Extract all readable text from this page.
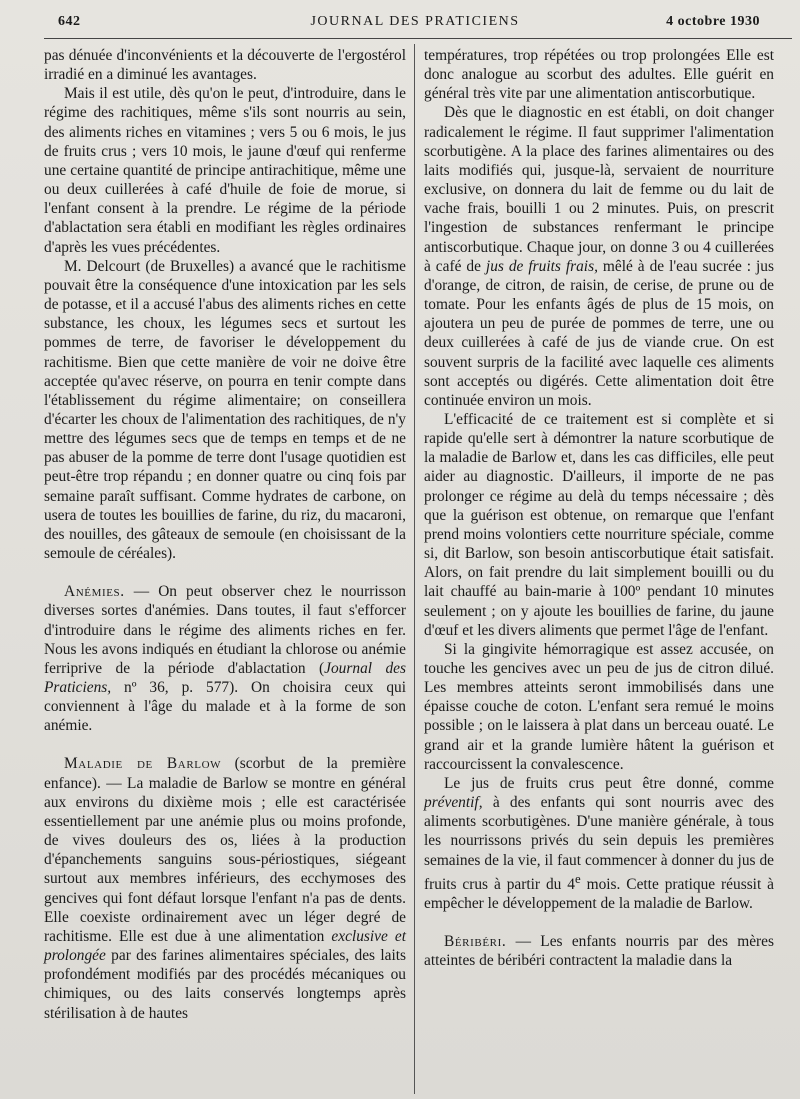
642	JOURNAL DES PRATICIENS	4 octobre 1930

pas dénuée d'inconvénients et la découverte de l'ergostérol irradié en a diminué les avantages.

Mais il est utile, dès qu'on le peut, d'introduire, dans le régime des rachitiques, même s'ils sont nourris au sein, des aliments riches en vitamines ; vers 5 ou 6 mois, le jus de fruits crus ; vers 10 mois, le jaune d'œuf qui renferme une certaine quantité de principe antirachitique, même une ou deux cuillerées à café d'huile de foie de morue, si l'enfant consent à la prendre. Le régime de la période d'ablactation sera établi en modifiant les règles ordinaires d'après les vues précédentes.

M. Delcourt (de Bruxelles) a avancé que le rachitisme pouvait être la conséquence d'une intoxication par les sels de potasse, et il a accusé l'abus des aliments riches en cette substance, les choux, les légumes secs et surtout les pommes de terre, de favoriser le développement du rachitisme. Bien que cette manière de voir ne doive être acceptée qu'avec réserve, on pourra en tenir compte dans l'établissement du régime alimentaire; on conseillera d'écarter les choux de l'alimentation des rachitiques, de n'y mettre des légumes secs que de temps en temps et de ne pas abuser de la pomme de terre dont l'usage quotidien est peut-être trop répandu ; en donner quatre ou cinq fois par semaine paraît suffisant. Comme hydrates de carbone, on usera de toutes les bouillies de farine, du riz, du macaroni, des nouilles, des gâteaux de semoule (en choisissant de la semoule de céréales).

Anémies. — On peut observer chez le nourrisson diverses sortes d'anémies. Dans toutes, il faut s'efforcer d'introduire dans le régime des aliments riches en fer. Nous les avons indiqués en étudiant la chlorose ou anémie ferriprive de la période d'ablactation (Journal des Praticiens, nº 36, p. 577). On choisira ceux qui conviennent à l'âge du malade et à la forme de son anémie.

Maladie de Barlow (scorbut de la première enfance). — La maladie de Barlow se montre en général aux environs du dixième mois ; elle est caractérisée essentiellement par une anémie plus ou moins profonde, de vives douleurs des os, liées à la production d'épanchements sanguins sous-périostiques, siégeant surtout aux membres inférieurs, des ecchymoses des gencives qui font défaut lorsque l'enfant n'a pas de dents. Elle coexiste ordinairement avec un léger degré de rachitisme. Elle est due à une alimentation exclusive et prolongée par des farines alimentaires spéciales, des laits profondément modifiés par des procédés mécaniques ou chimiques, ou des laits conservés longtemps après stérilisation à de hautes

températures, trop répétées ou trop prolongées Elle est donc analogue au scorbut des adultes. Elle guérit en général très vite par une alimentation antiscorbutique.

Dès que le diagnostic en est établi, on doit changer radicalement le régime. Il faut supprimer l'alimentation scorbutigène. A la place des farines alimentaires ou des laits modifiés qui, jusque-là, servaient de nourriture exclusive, on donnera du lait de femme ou du lait de vache frais, bouilli 1 ou 2 minutes. Puis, on prescrit l'ingestion de substances renfermant le principe antiscorbutique. Chaque jour, on donne 3 ou 4 cuillerées à café de jus de fruits frais, mêlé à de l'eau sucrée : jus d'orange, de citron, de raisin, de cerise, de prune ou de tomate. Pour les enfants âgés de plus de 15 mois, on ajoutera un peu de purée de pommes de terre, une ou deux cuillerées à café de jus de viande crue. On est souvent surpris de la facilité avec laquelle ces aliments sont acceptés ou digérés. Cette alimentation doit être continuée environ un mois.

L'efficacité de ce traitement est si complète et si rapide qu'elle sert à démontrer la nature scorbutique de la maladie de Barlow et, dans les cas difficiles, elle peut aider au diagnostic. D'ailleurs, il importe de ne pas prolonger ce régime au delà du temps nécessaire ; dès que la guérison est obtenue, on remarque que l'enfant prend moins volontiers cette nourriture spéciale, comme si, dit Barlow, son besoin antiscorbutique était satisfait. Alors, on fait prendre du lait simplement bouilli ou du lait chauffé au bain-marie à 100º pendant 10 minutes seulement ; on y ajoute les bouillies de farine, du jaune d'œuf et les divers aliments que permet l'âge de l'enfant.

Si la gingivite hémorragique est assez accusée, on touche les gencives avec un peu de jus de citron dilué. Les membres atteints seront immobilisés dans une épaisse couche de coton. L'enfant sera remué le moins possible ; on le laissera à plat dans un berceau ouaté. Le grand air et la grande lumière hâtent la guérison et raccourcissent la convalescence.

Le jus de fruits crus peut être donné, comme préventif, à des enfants qui sont nourris avec des aliments scorbutigènes. D'une manière générale, à tous les nourrissons privés du sein depuis les premières semaines de la vie, il faut commencer à donner du jus de fruits crus à partir du 4e mois. Cette pratique réussit à empêcher le développement de la maladie de Barlow.

Béribéri. — Les enfants nourris par des mères atteintes de béribéri contractent la maladie dans la
